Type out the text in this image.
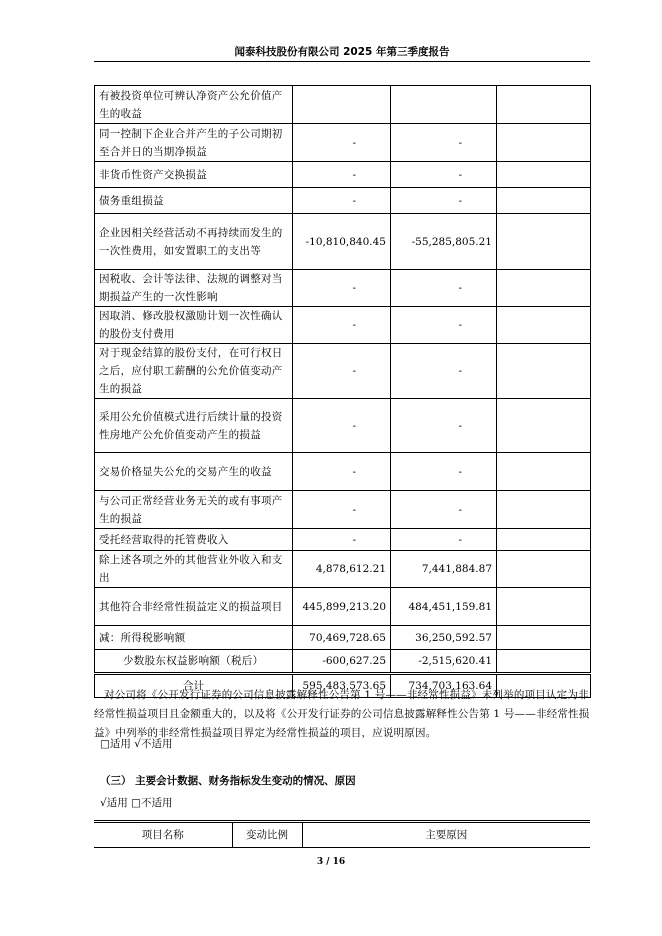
闻泰科技股份有限公司 2025 年第三季度报告
有被投资单位可辨认净资产公允价值产生的收益			
同一控制下企业合并产生的子公司期初至合并日的当期净损益	-	-	
非货币性资产交换损益	-	-	
债务重组损益	-	-	
企业因相关经营活动不再持续而发生的一次性费用，如安置职工的支出等	-10,810,840.45	-55,285,805.21	
因税收、会计等法律、法规的调整对当期损益产生的一次性影响	-	-	
因取消、修改股权激励计划一次性确认的股份支付费用	-	-	
对于现金结算的股份支付，在可行权日之后，应付职工薪酬的公允价值变动产生的损益	-	-	
采用公允价值模式进行后续计量的投资性房地产公允价值变动产生的损益	-	-	
交易价格显失公允的交易产生的收益	-	-	
与公司正常经营业务无关的或有事项产生的损益	-	-	
受托经营取得的托管费收入	-	-	
除上述各项之外的其他营业外收入和支出	4,878,612.21	7,441,884.87	
其他符合非经常性损益定义的损益项目	445,899,213.20	484,451,159.81	
减：所得税影响额	70,469,728.65	36,250,592.57	
少数股东权益影响额（税后）	-600,627.25	-2,515,620.41	
合计	595,483,573.65	734,703,163.64	
对公司将《公开发行证券的公司信息披露解释性公告第 1 号——非经常性损益》未列举的项目认定为非经常性损益项目且金额重大的，以及将《公开发行证券的公司信息披露解释性公告第 1 号——非经常性损益》中列举的非经常性损益项目界定为经常性损益的项目，应说明原因。
□适用 √不适用
（三） 主要会计数据、财务指标发生变动的情况、原因
√适用 □不适用
项目名称	变动比例	主要原因
3 / 16
